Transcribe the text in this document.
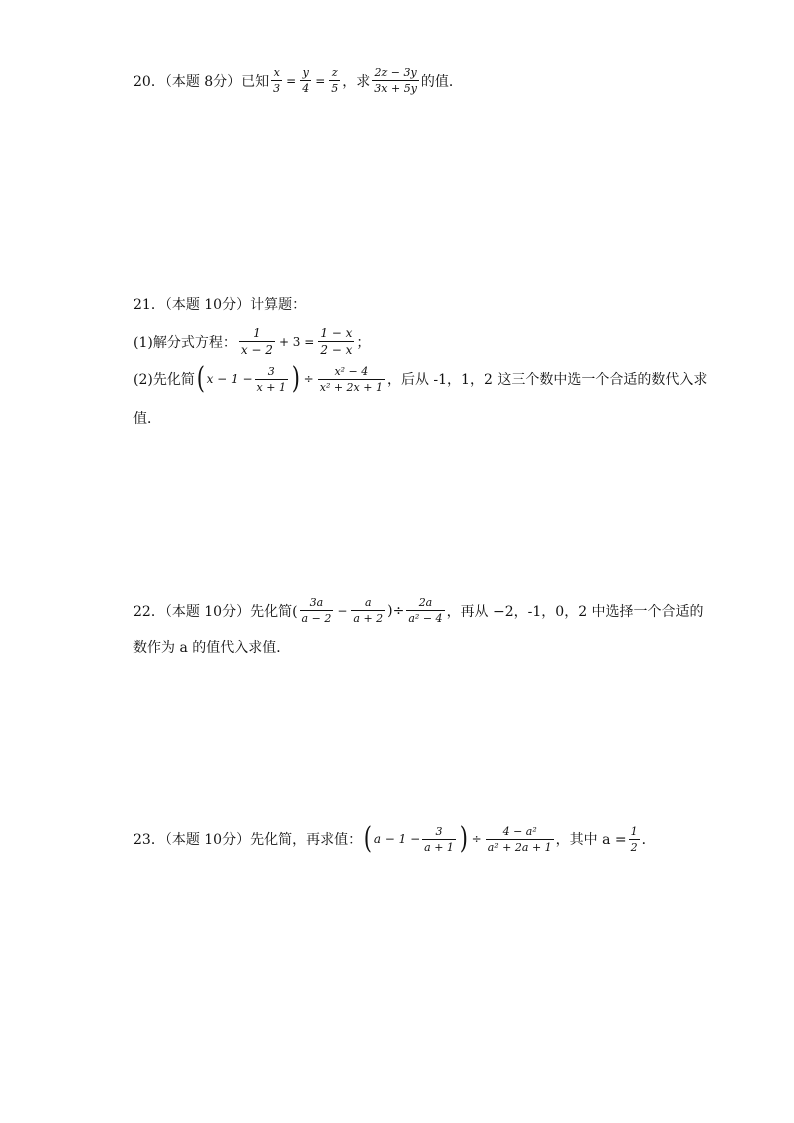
20．（本题 8分）已知 $\frac{x}{3} = \frac{y}{4} = \frac{z}{5}$ ，求 $\frac{2z - 3y}{3x + 5y}$ 的值．
21．（本题 10分）计算题：
(1)解分式方程： $\frac{1}{x - 2} + 3 = \frac{1 - x}{2 - x}$ ；
(2)先化简 ( $x - 1 - \frac{3}{x + 1}$ ) ÷ $\frac{\text{x² − 4}}{\text{x² + 2x + 1}}$ ，后从 -1，1，2 这三个数中选一个合适的数代入求
值．
22．（本题 10分）先化简( $\frac{3a}{a - 2} - \frac{a}{a + 2}$ )÷ $\frac{2a}{\text{a² − 4}}$ ，再从 −2，-1，0，2 中选择一个合适的
数作为 a 的值代入求值．
23．（本题 10分）先化简，再求值： ( $a - 1 - \frac{3}{a + 1}$ ) ÷ $\frac{\text{4 − a²}}{\text{a² + 2a + 1}}$ ，其中 $a = \frac{1}{2}$ ．
